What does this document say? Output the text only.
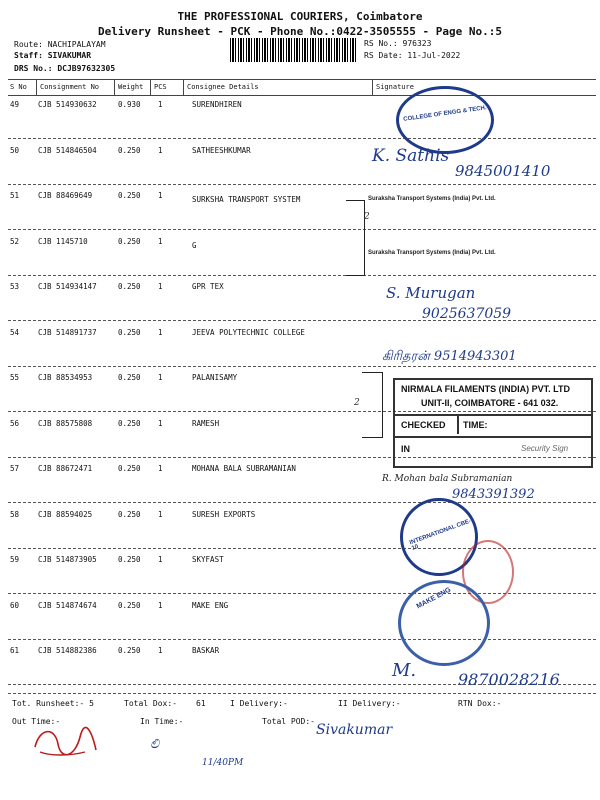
THE PROFESSIONAL COURIERS, Coimbatore
Delivery Runsheet - PCK - Phone No.:0422-3505555 - Page No.:5
Route: NACHIPALAYAM
Staff: SIVAKUMAR
DRS No.: DCJB97632305
RS No.: 976323
RS Date: 11-Jul-2022
S No Consignment No	Weight PCS	Consignee Details	Signature
49	CJB 514930632	0.930 1	SURENDHIREN
50	CJB 514846504	0.250 1	SATHEESHKUMAR
51	CJB 88469649	0.250 1	SURKSHA TRANSPORT SYSTEM
52	CJB 1145710	0.250 1	G
53	CJB 514934147	0.250 1	GPR TEX
54	CJB 514891737	0.250 1	JEEVA POLYTECHNIC COLLEGE
55	CJB 88534953	0.250 1	PALANISAMY
56	CJB 88575808	0.250 1	RAMESH
57	CJB 88672471	0.250 1	MOHANA BALA SUBRAMANIAN
58	CJB 88594025	0.250 1	SURESH EXPORTS
59	CJB 514873905	0.250 1	SKYFAST
60	CJB 514874674	0.250 1	MAKE ENG
61	CJB 514882386	0.250 1	BASKAR
COLLEGE OF ENGG & TECH.
K. Sathis
9845001410
Suraksha Transport Systems (India) Pvt. Ltd.
Suraksha Transport Systems (India) Pvt. Ltd.
2
S. Murugan
9025637059
கிரிதரன் 9514943301
2
NIRMALA FILAMENTS (INDIA) PVT. LTD
UNIT-II, COIMBATORE - 641 032.
CHECKED TIME:
IN	Security Sign
R. Mohan bala Subramanian
9843391392
INTERNATIONAL CBE-10
MAKE ENG
M.	9870028216
Tot. Runsheet:- 5	Total Dox:- 61	I Delivery:-	II Delivery:-	RTN Dox:-
Out Time:-	In Time:-	Total POD:-
ಲಿ
11/40PM
Sivakumar
